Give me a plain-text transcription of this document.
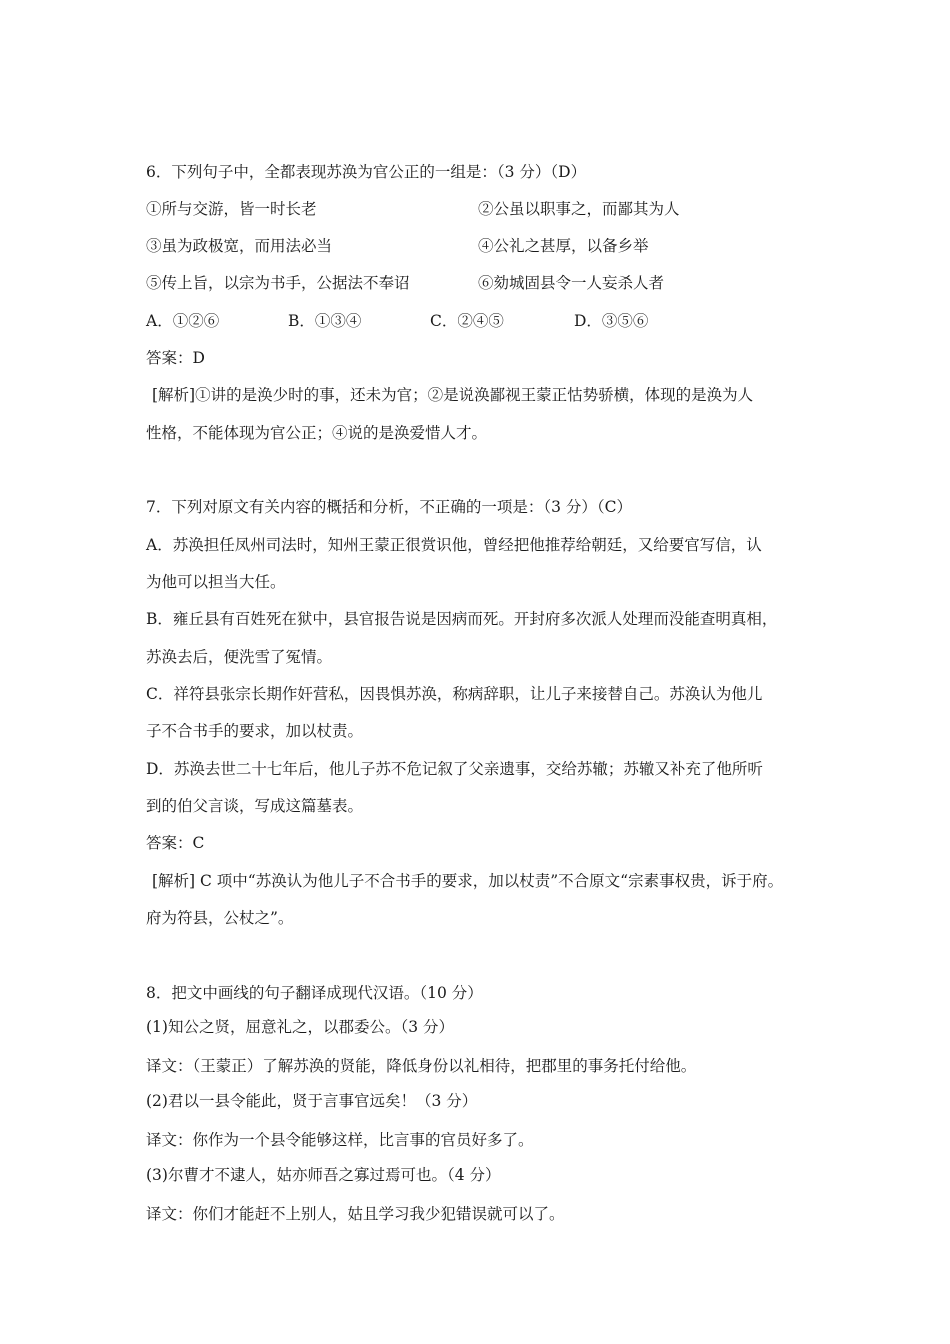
6．下列句子中，全都表现苏涣为官公正的一组是：（3 分）（D）
①所与交游，皆一时长老	②公虽以职事之，而鄙其为人
③虽为政极宽，而用法必当	④公礼之甚厚，以备乡举
⑤传上旨，以宗为书手，公据法不奉诏	⑥劾城固县令一人妄杀人者
A．①②⑥	B．①③④	C．②④⑤	D．③⑤⑥
答案：D
[解析]①讲的是涣少时的事，还未为官；②是说涣鄙视王蒙正怙势骄横，体现的是涣为人
性格，不能体现为官公正；④说的是涣爱惜人才。
7．下列对原文有关内容的概括和分析，不正确的一项是：（3 分）（C）
A．苏涣担任凤州司法时，知州王蒙正很赏识他，曾经把他推荐给朝廷，又给要官写信，认
为他可以担当大任。
B．雍丘县有百姓死在狱中，县官报告说是因病而死。开封府多次派人处理而没能查明真相，
苏涣去后，便洗雪了冤情。
C．祥符县张宗长期作奸营私，因畏惧苏涣，称病辞职，让儿子来接替自己。苏涣认为他儿
子不合书手的要求，加以杖责。
D．苏涣去世二十七年后，他儿子苏不危记叙了父亲遗事，交给苏辙；苏辙又补充了他所听
到的伯父言谈，写成这篇墓表。
答案：C
[解析] C 项中“苏涣认为他儿子不合书手的要求，加以杖责”不合原文“宗素事权贵，诉于府。
府为符县，公杖之”。
8．把文中画线的句子翻译成现代汉语。（10 分）
(1)知公之贤，屈意礼之，以郡委公。（3 分）
译文：（王蒙正）了解苏涣的贤能，降低身份以礼相待，把郡里的事务托付给他。
(2)君以一县令能此，贤于言事官远矣！（3 分）
译文：你作为一个县令能够这样，比言事的官员好多了。
(3)尔曹才不逮人，姑亦师吾之寡过焉可也。（4 分）
译文：你们才能赶不上别人，姑且学习我少犯错误就可以了。
